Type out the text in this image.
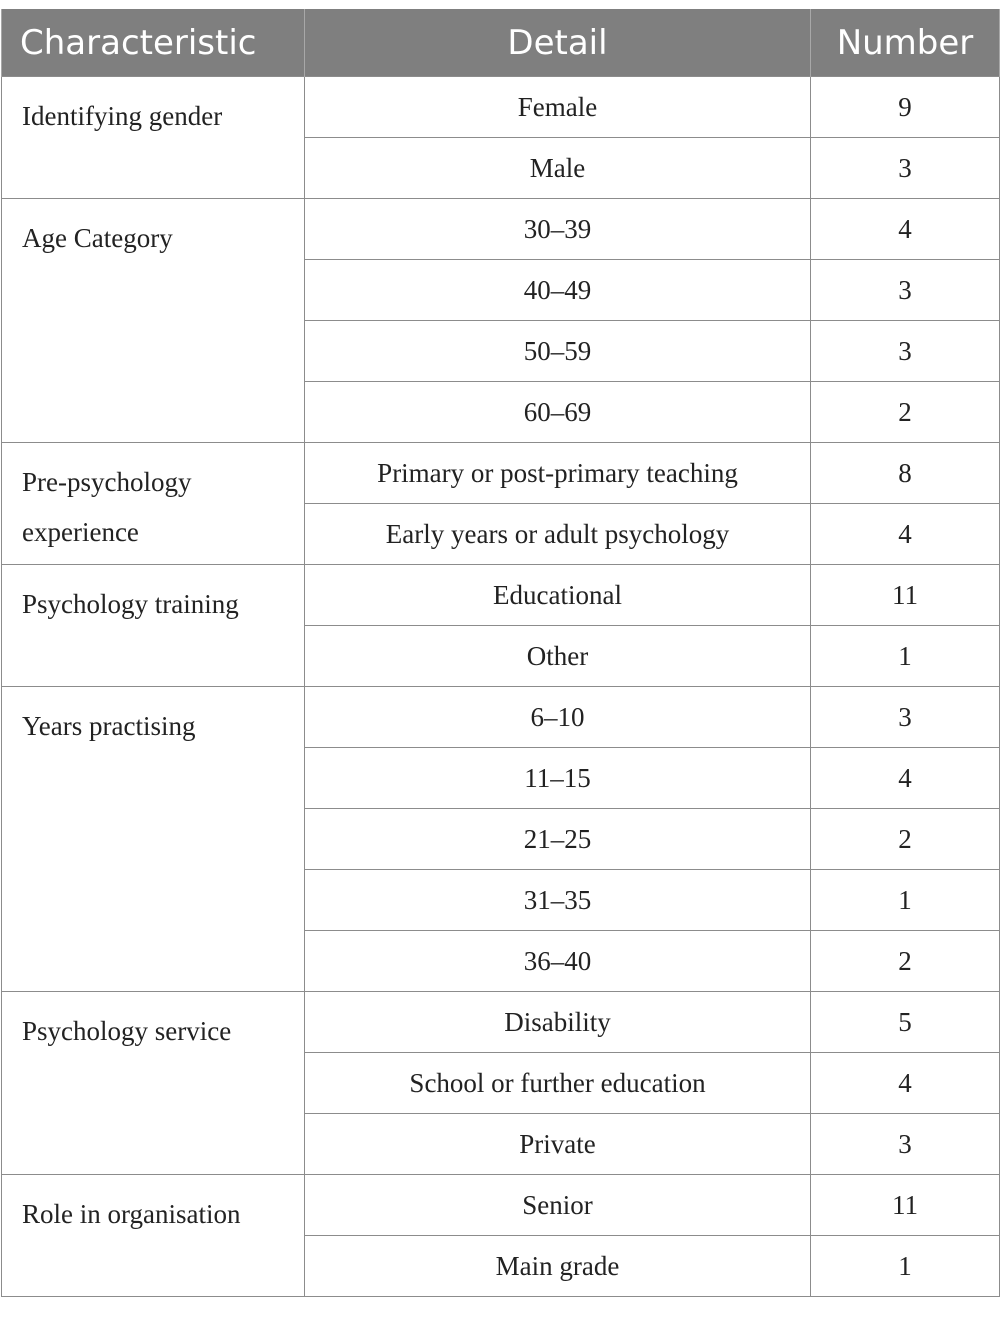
Characteristic	Detail	Number
Identifying gender	Female	9
	Male	3
Age Category	30–39	4
	40–49	3
	50–59	3
	60–69	2
Pre-psychology experience	Primary or post-primary teaching	8
	Early years or adult psychology	4
Psychology training	Educational	11
	Other	1
Years practising	6–10	3
	11–15	4
	21–25	2
	31–35	1
	36–40	2
Psychology service	Disability	5
	School or further education	4
	Private	3
Role in organisation	Senior	11
	Main grade	1
